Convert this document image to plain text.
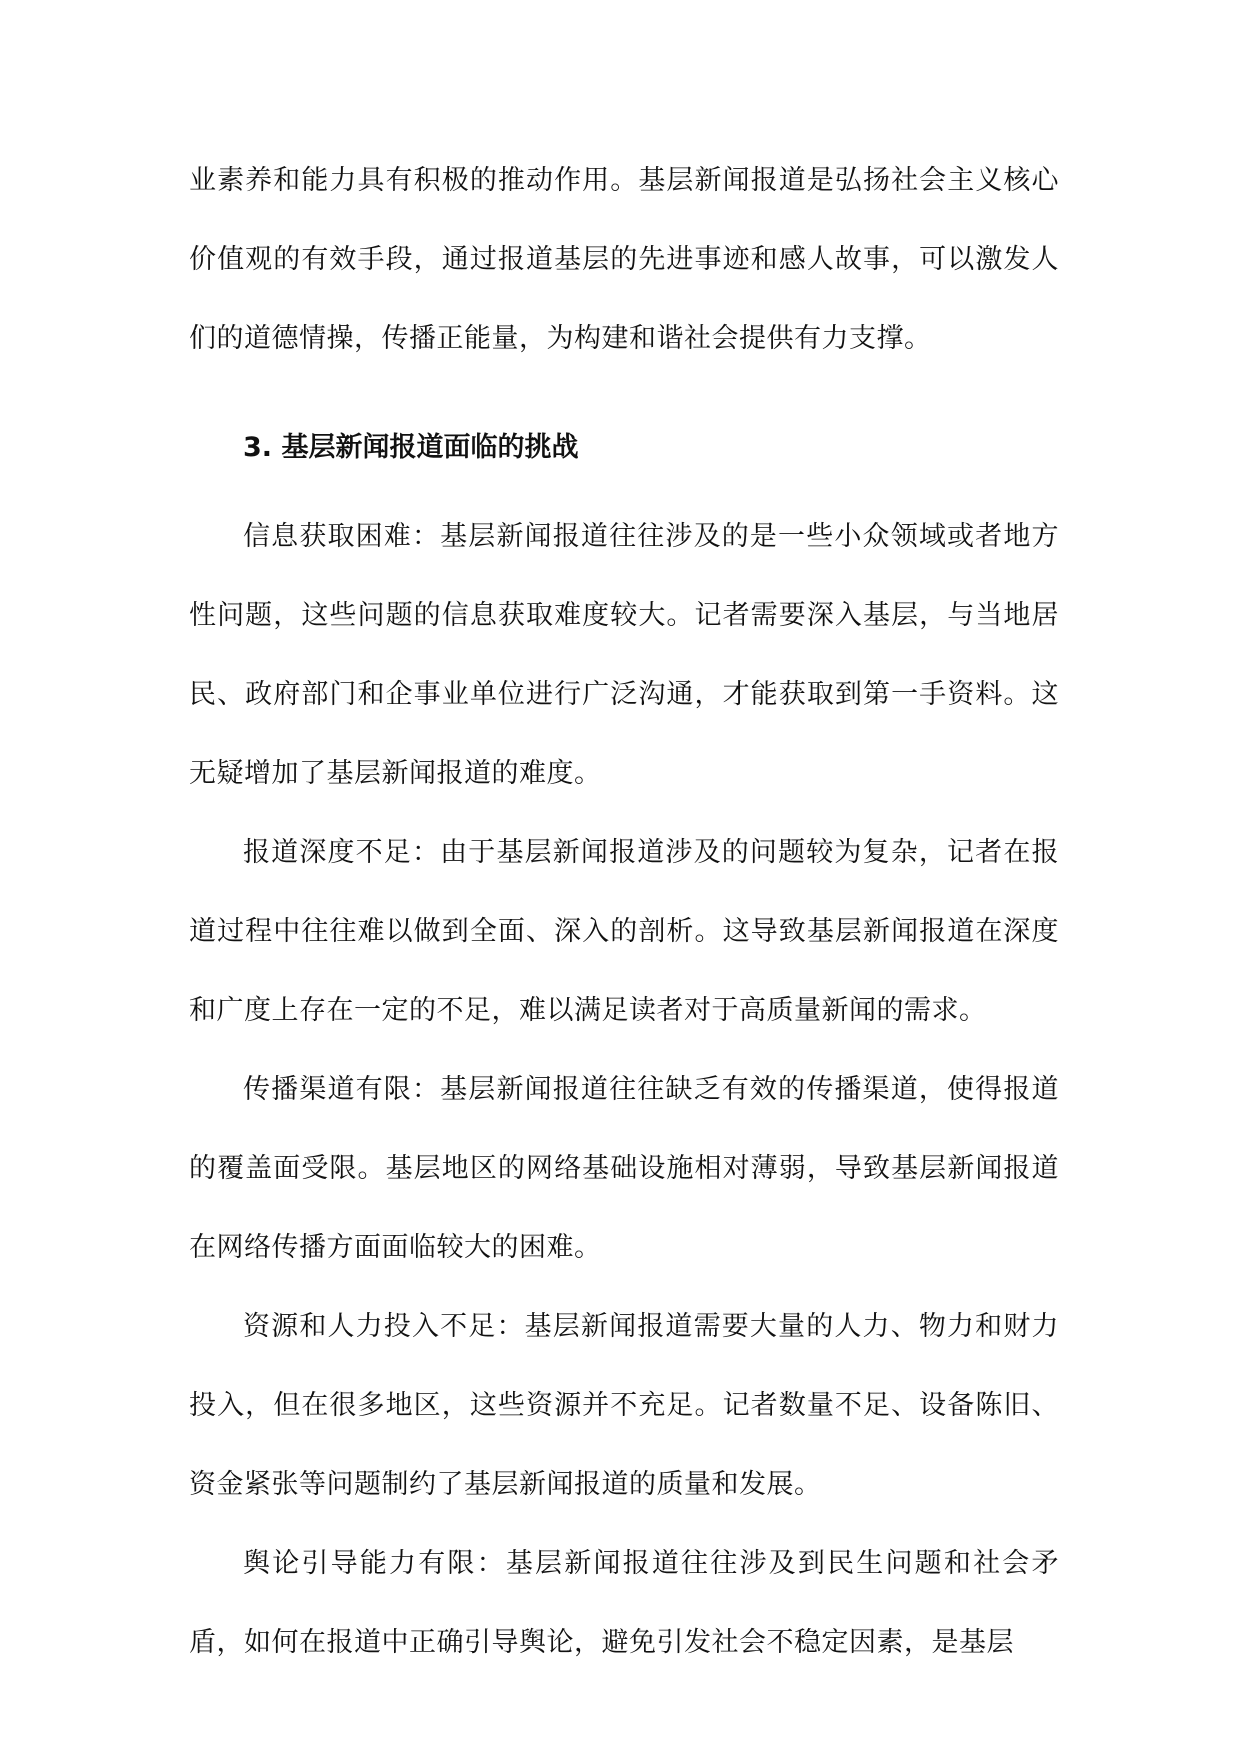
业素养和能力具有积极的推动作用。基层新闻报道是弘扬社会主义核心价值观的有效手段，通过报道基层的先进事迹和感人故事，可以激发人们的道德情操，传播正能量，为构建和谐社会提供有力支撑。

3. 基层新闻报道面临的挑战

信息获取困难：基层新闻报道往往涉及的是一些小众领域或者地方性问题，这些问题的信息获取难度较大。记者需要深入基层，与当地居民、政府部门和企事业单位进行广泛沟通，才能获取到第一手资料。这无疑增加了基层新闻报道的难度。

报道深度不足：由于基层新闻报道涉及的问题较为复杂，记者在报道过程中往往难以做到全面、深入的剖析。这导致基层新闻报道在深度和广度上存在一定的不足，难以满足读者对于高质量新闻的需求。

传播渠道有限：基层新闻报道往往缺乏有效的传播渠道，使得报道的覆盖面受限。基层地区的网络基础设施相对薄弱，导致基层新闻报道在网络传播方面面临较大的困难。

资源和人力投入不足：基层新闻报道需要大量的人力、物力和财力投入，但在很多地区，这些资源并不充足。记者数量不足、设备陈旧、资金紧张等问题制约了基层新闻报道的质量和发展。

舆论引导能力有限：基层新闻报道往往涉及到民生问题和社会矛盾，如何在报道中正确引导舆论，避免引发社会不稳定因素，是基层
